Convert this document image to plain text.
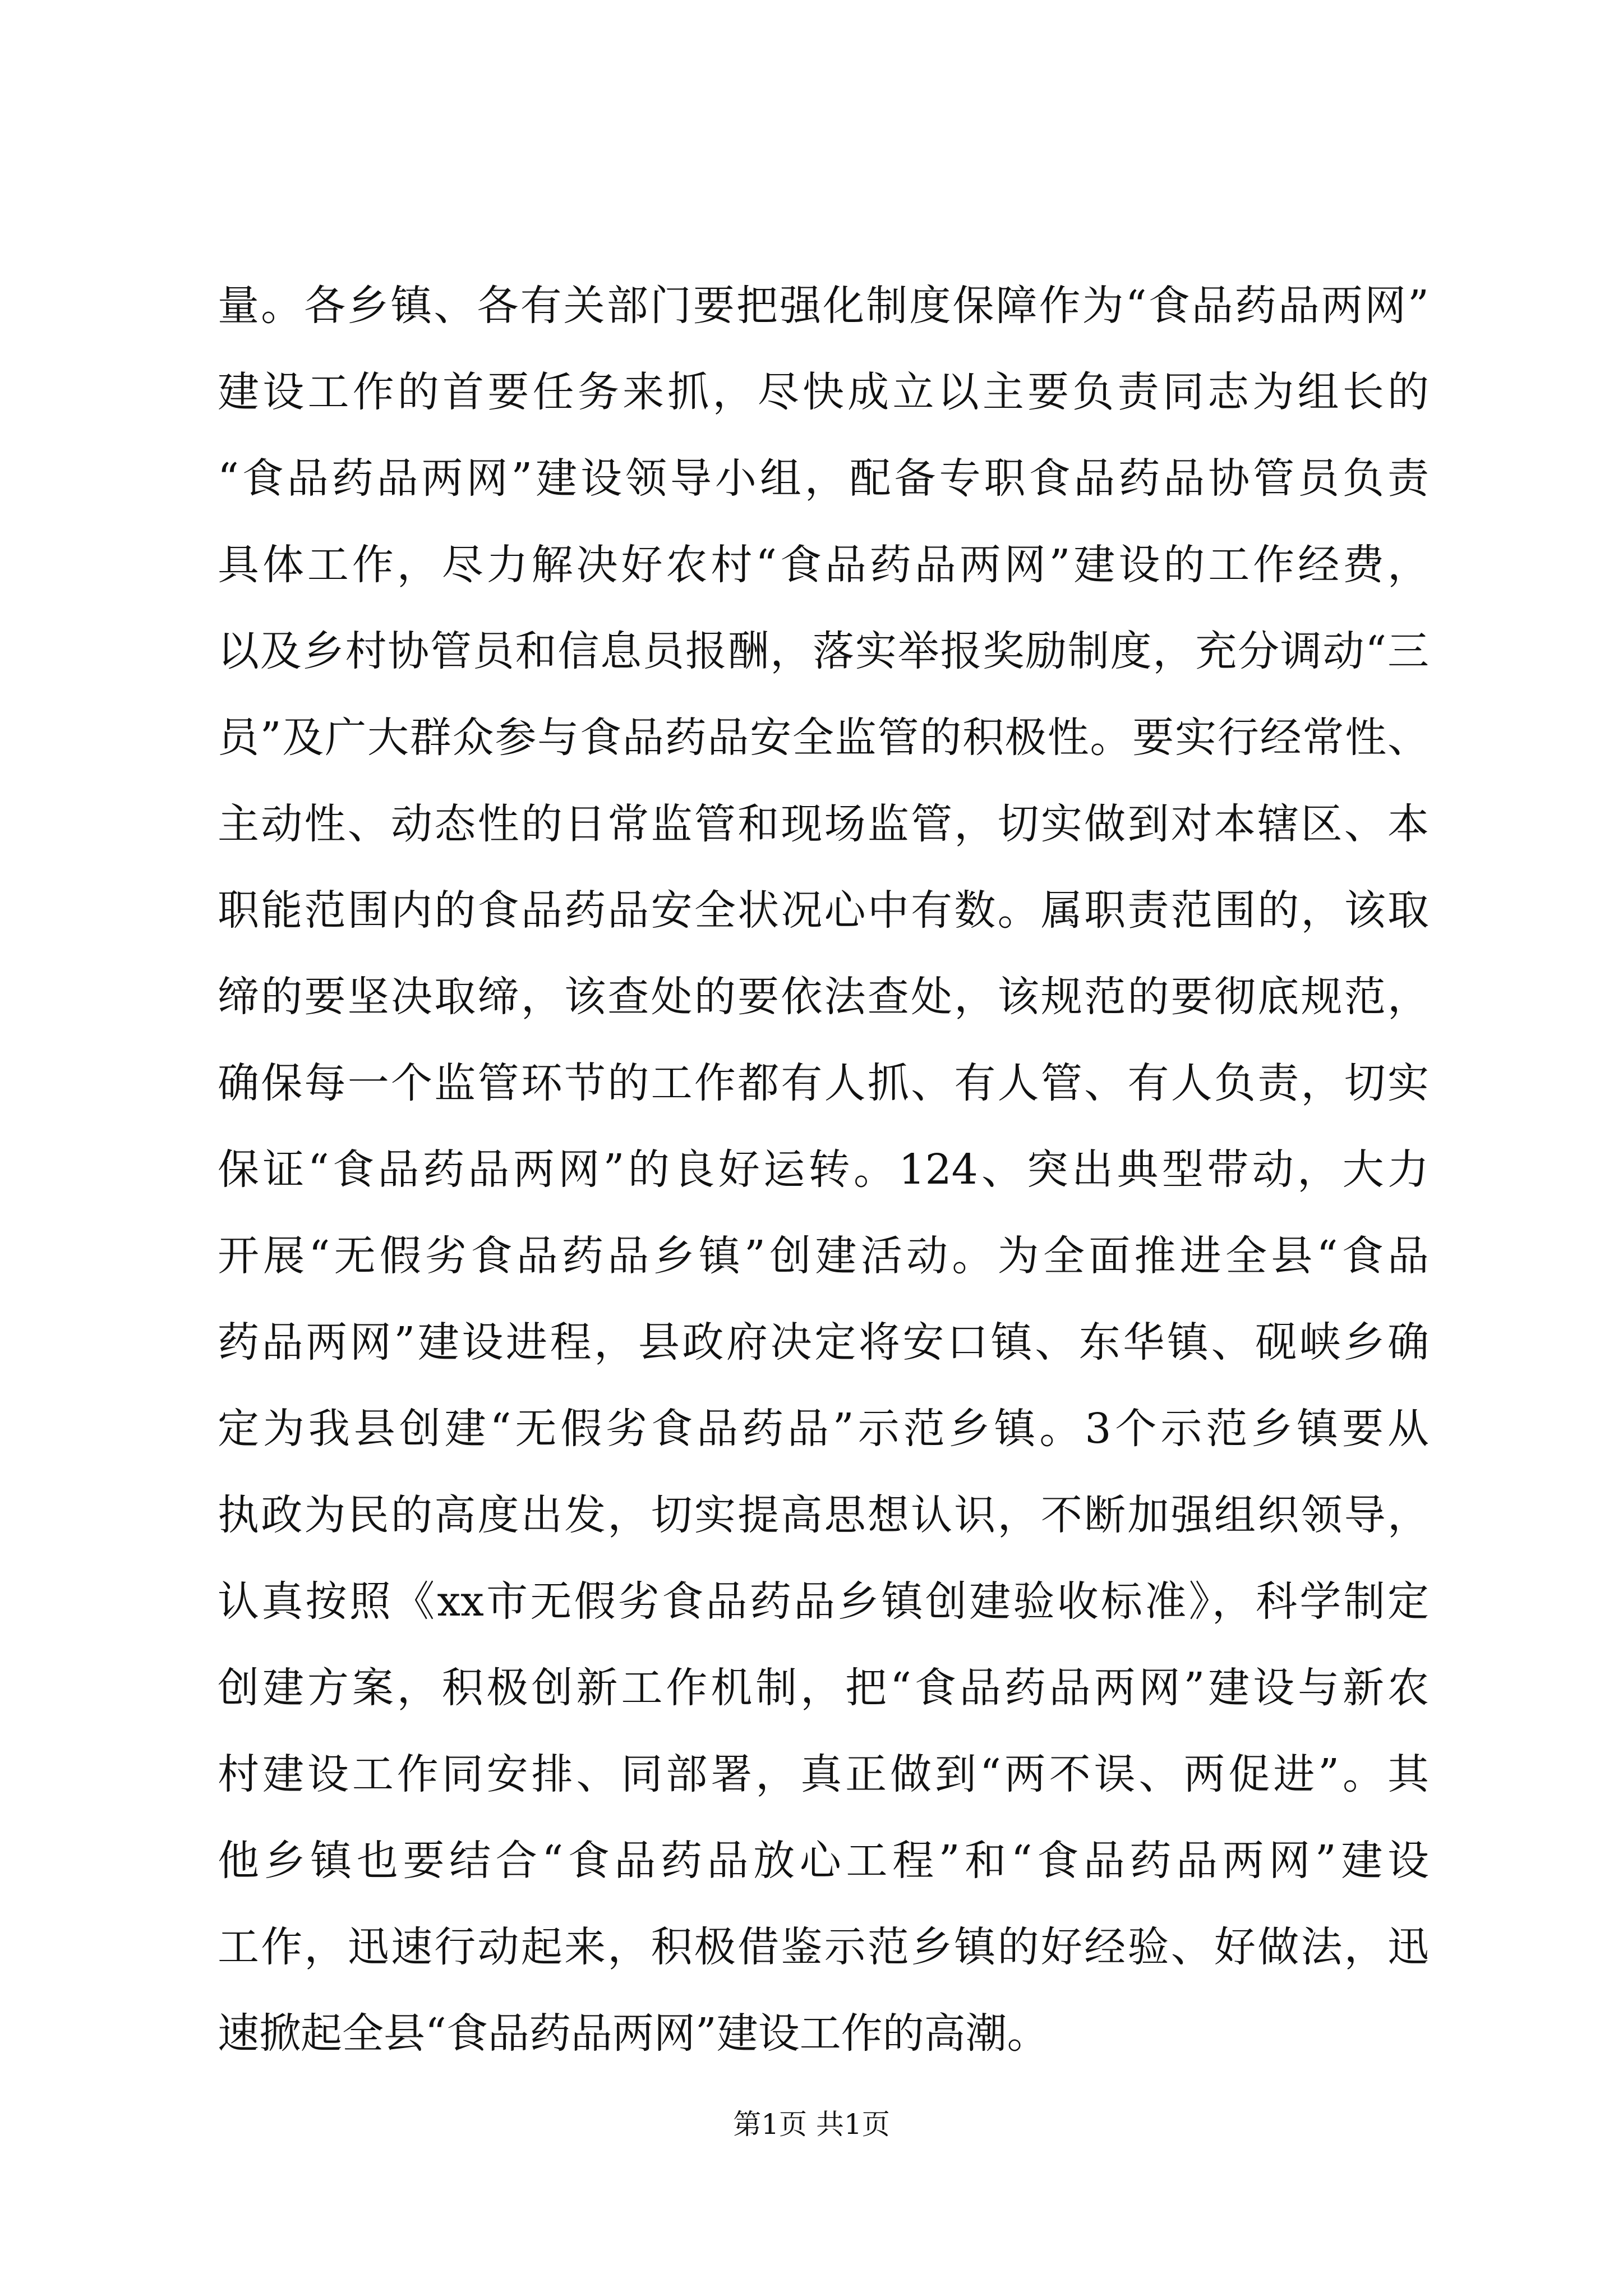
量。各乡镇、各有关部门要把强化制度保障作为“食品药品两网”
建设工作的首要任务来抓，尽快成立以主要负责同志为组长的
“食品药品两网”建设领导小组，配备专职食品药品协管员负责
具体工作，尽力解决好农村“食品药品两网”建设的工作经费，
以及乡村协管员和信息员报酬，落实举报奖励制度，充分调动“三
员”及广大群众参与食品药品安全监管的积极性。要实行经常性、
主动性、动态性的日常监管和现场监管，切实做到对本辖区、本
职能范围内的食品药品安全状况心中有数。属职责范围的，该取
缔的要坚决取缔，该查处的要依法查处，该规范的要彻底规范，
确保每一个监管环节的工作都有人抓、有人管、有人负责，切实
保证“食品药品两网”的良好运转。124、突出典型带动，大力
开展“无假劣食品药品乡镇”创建活动。为全面推进全县“食品
药品两网”建设进程，县政府决定将安口镇、东华镇、砚峡乡确
定为我县创建“无假劣食品药品”示范乡镇。3个示范乡镇要从
执政为民的高度出发，切实提高思想认识，不断加强组织领导，
认真按照《xx市无假劣食品药品乡镇创建验收标准》，科学制定
创建方案，积极创新工作机制，把“食品药品两网”建设与新农
村建设工作同安排、同部署，真正做到“两不误、两促进”。其
他乡镇也要结合“食品药品放心工程”和“食品药品两网”建设
工作，迅速行动起来，积极借鉴示范乡镇的好经验、好做法，迅
速掀起全县“食品药品两网”建设工作的高潮。
第1页 共1页
